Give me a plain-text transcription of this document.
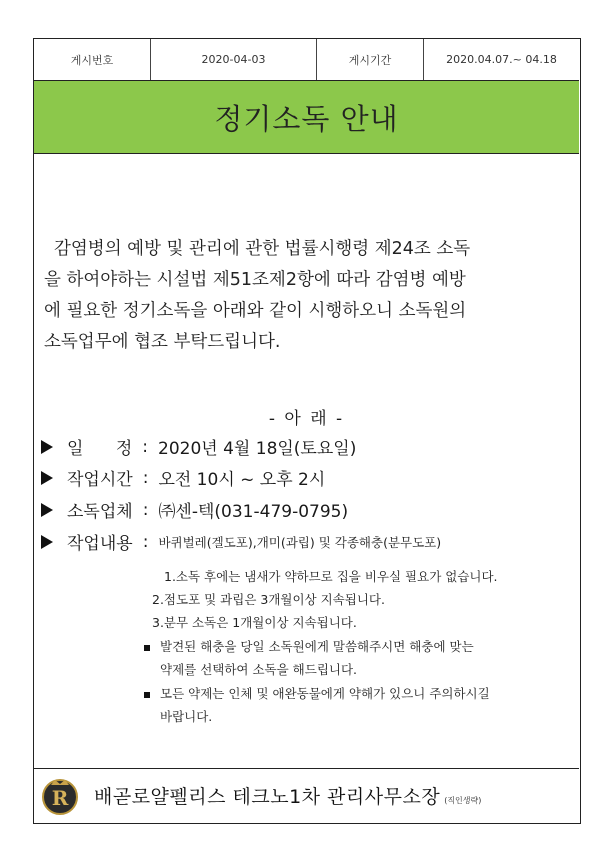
게시번호	2020-04-03	게시기간	2020.04.07.~ 04.18
정기소독 안내
감염병의 예방 및 관리에 관한 법률시행령 제24조 소독
을 하여야하는 시설법 제51조제2항에 따라 감염병 예방
에 필요한 정기소독을 아래와 같이 시행하오니 소독원의
소독업무에 협조 부탁드립니다.
- 아 래 -
일      정 : 2020년 4월 18일(토요일)
작업시간 : 오전 10시 ~ 오후 2시
소독업체 : ㈜센-텍(031-479-0795)
작업내용 : 바퀴벌레(겔도포),개미(과립) 및 각종해충(분무도포)
1.소독 후에는 냄새가 약하므로 집을 비우실 필요가 없습니다.
2.점도포 및 과립은 3개월이상 지속됩니다.
3.분무 소독은 1개월이상 지속됩니다.
발견된 해충을 당일 소독원에게 말씀해주시면 해충에 맞는
약제를 선택하여 소독을 해드립니다.
모든 약제는 인체 및 애완동물에게 약해가 있으니 주의하시길
바랍니다.
R 배곧로얄펠리스 테크노1차 관리사무소장 (직인생략)
